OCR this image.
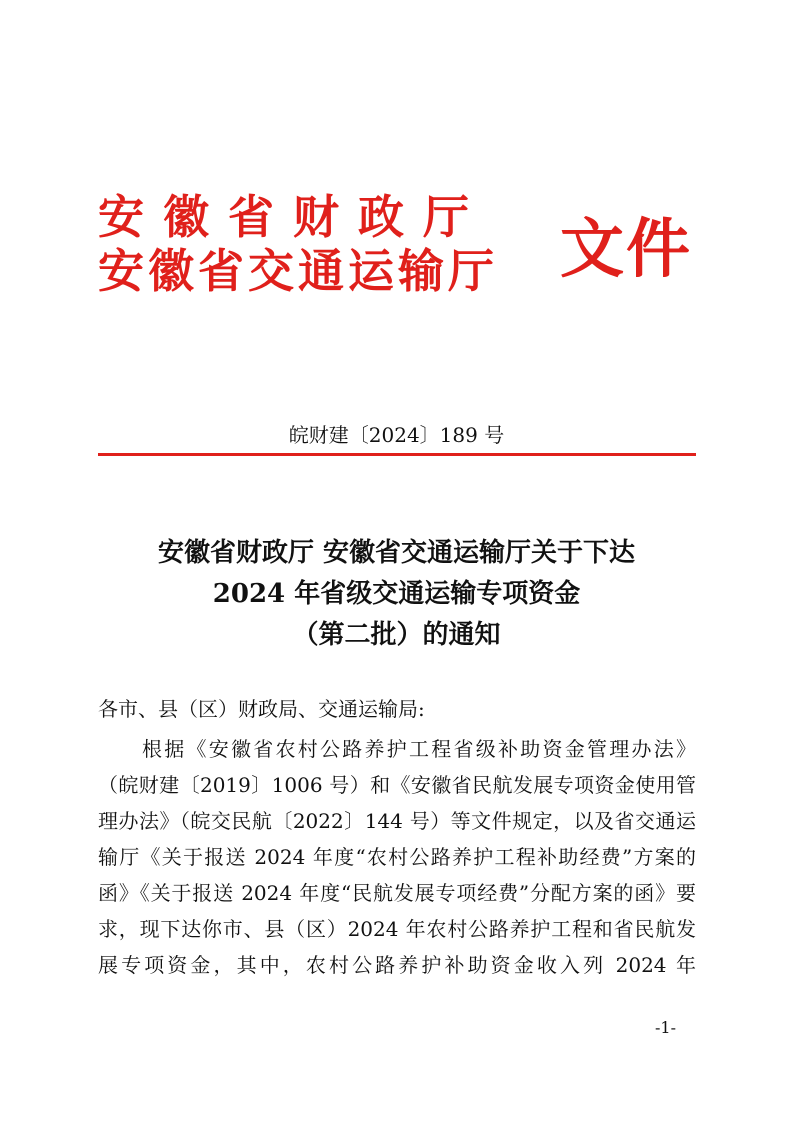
安徽省财政厅
安徽省交通运输厅 文件
皖财建〔2024〕189 号
安徽省财政厅 安徽省交通运输厅关于下达
2024 年省级交通运输专项资金
（第二批）的通知
各市、县（区）财政局、交通运输局:
根据《安徽省农村公路养护工程省级补助资金管理办法》
（皖财建〔2019〕1006 号）和《安徽省民航发展专项资金使用管
理办法》（皖交民航〔2022〕144 号）等文件规定，以及省交通运
输厅《关于报送 2024 年度“农村公路养护工程补助经费”方案的
函》《关于报送 2024 年度“民航发展专项经费”分配方案的函》要
求，现下达你市、县（区）2024 年农村公路养护工程和省民航发
展专项资金，其中，农村公路养护补助资金收入列 2024 年
-1-
